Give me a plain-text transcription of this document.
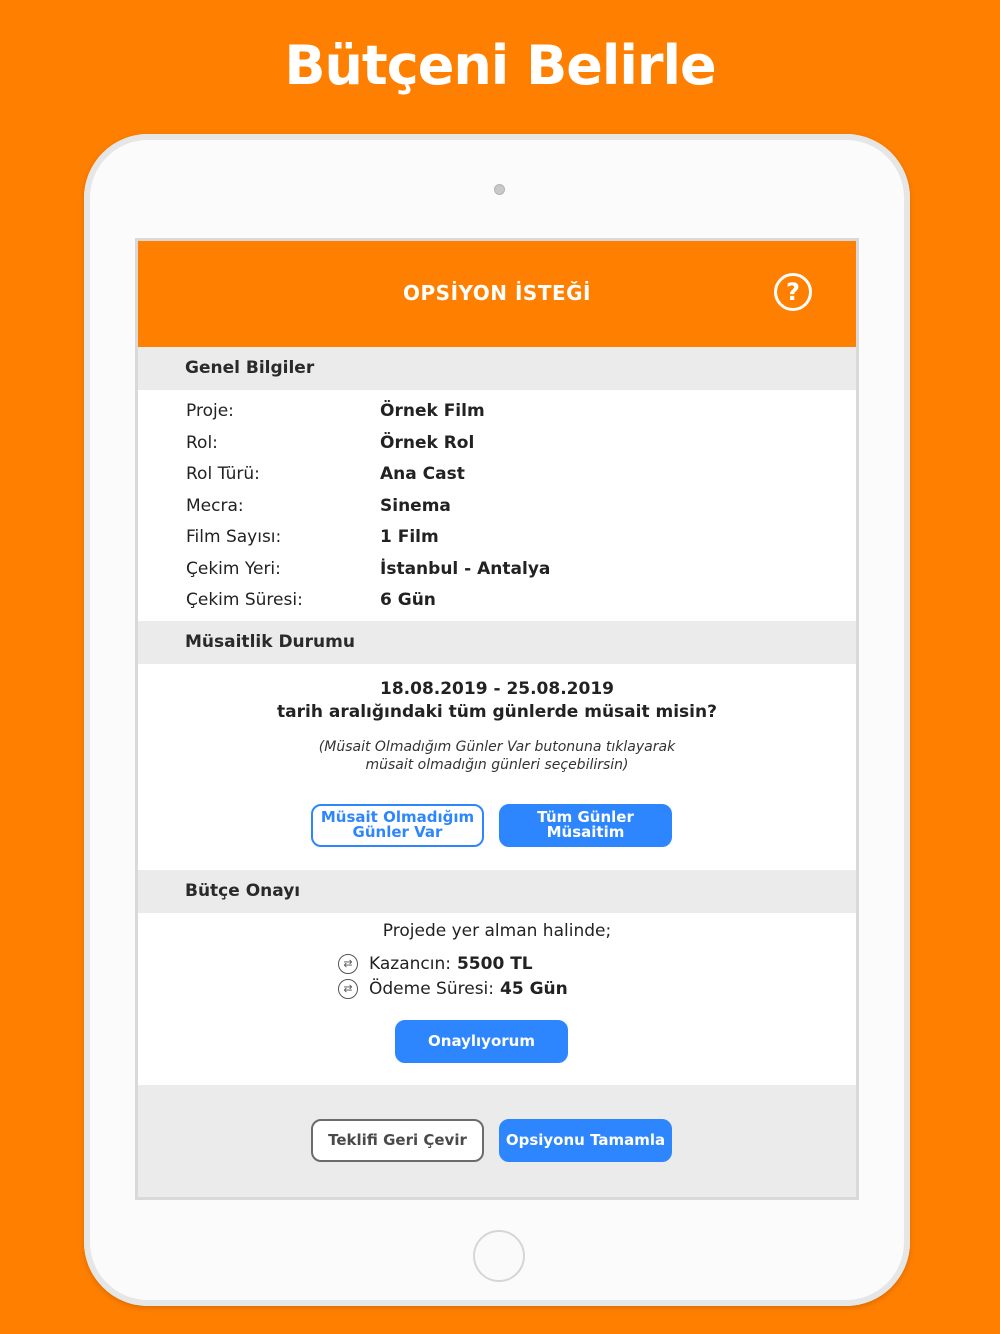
Bütçeni Belirle
OPSİYON İSTEĞİ	?
Genel Bilgiler
Proje:	Örnek Film
Rol:	Örnek Rol
Rol Türü:	Ana Cast
Mecra:	Sinema
Film Sayısı:	1 Film
Çekim Yeri:	İstanbul - Antalya
Çekim Süresi:	6 Gün
Müsaitlik Durumu
18.08.2019 - 25.08.2019
tarih aralığındaki tüm günlerde müsait misin?
(Müsait Olmadığım Günler Var butonuna tıklayarak
müsait olmadığın günleri seçebilirsin)
Müsait Olmadığım
Günler Var
Tüm Günler
Müsaitim
Bütçe Onayı
Projede yer alman halinde;
⇄ Kazancın: 5500 TL
⇄ Ödeme Süresi: 45 Gün
Onaylıyorum
Teklifi Geri Çevir	Opsiyonu Tamamla
